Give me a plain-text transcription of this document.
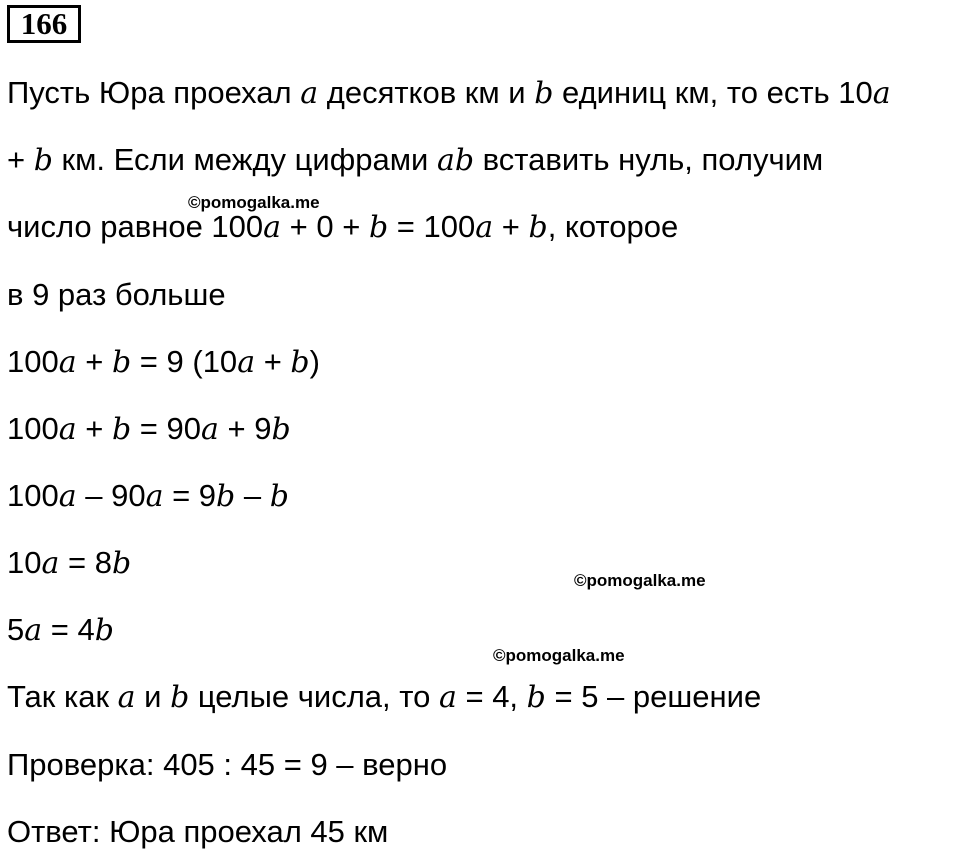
166
Пусть Юра проехал a десятков км и b единиц км, то есть 10a
+ b км. Если между цифрами ab вставить нуль, получим
©pomogalka.me
число равное 100a + 0 + b = 100a + b, которое
в 9 раз больше
100a + b = 9 (10a + b)
100a + b = 90a + 9b
100a – 90a = 9b – b
10a = 8b	©pomogalka.me
5a = 4b
©pomogalka.me
Так как a и b целые числа, то a = 4, b = 5 – решение
Проверка: 405 : 45 = 9 – верно
Ответ: Юра проехал 45 км
